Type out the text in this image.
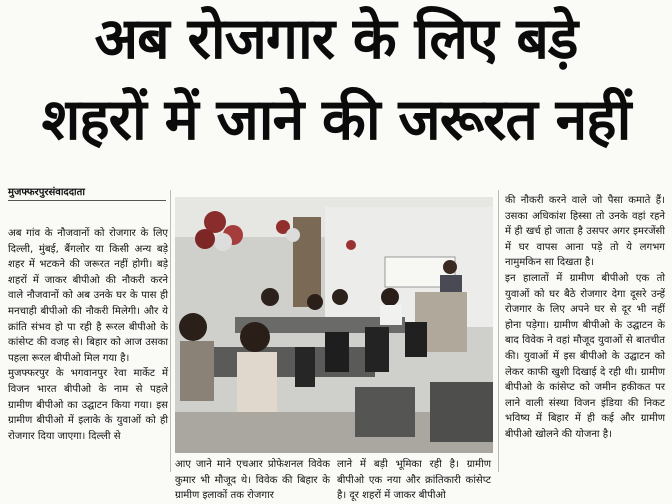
अब रोजगार के लिए बड़े
शहरों में जाने की जरूरत नहीं
मुजफ्फरपुरसंवाददाता

अब गांव के नौजवानों को रोजगार के लिए दिल्ली, मुंबई, बैंगलोर या किसी अन्य बड़े शहर में भटकने की जरूरत नहीं होगी। बड़े शहरों में जाकर बीपीओ की नौकरी करने वाले नौजवानों को अब उनके घर के पास ही मनचाही बीपीओ की नौकरी मिलेगी। और ये क्रांति संभव हो पा रही है रूरल बीपीओ के कांसेप्ट की वजह से। बिहार को आज उसका पहला रूरल बीपीओ मिल गया है।

मुजफ्फरपुर के भगवानपुर रेवा मार्केट में विजन भारत बीपीओ के नाम से पहले ग्रामीण बीपीओ का उद्घाटन किया गया। इस ग्रामीण बीपीओ में इलाके के युवाओं को ही रोजगार दिया जाएगा। दिल्ली से

आए जाने माने एचआर प्रोफेशनल विवेक कुमार भी मौजूद थे। विवेक की बिहार के ग्रामीण इलाकों तक रोजगार

लाने में बड़ी भूमिका रही है। ग्रामीण बीपीओ एक नया और क्रांतिकारी कांसेप्ट है। दूर शहरों में जाकर बीपीओ

की नौकरी करने वाले जो पैसा कमाते हैं। उसका अधिकांश हिस्सा तो उनके वहां रहने में ही खर्च हो जाता है उसपर अगर इमरजेंसी में घर वापस आना पड़े तो ये लगभग नामुमकिन सा दिखता है।

इन हालातों में ग्रामीण बीपीओ एक तो युवाओं को घर बैठे रोजगार देगा दूसरे उन्हें रोजगार के लिए अपने घर से दूर भी नहीं होना पड़ेगा। ग्रामीण बीपीओ के उद्घाटन के बाद विवेक ने वहां मौजूद युवाओं से बातचीत की। युवाओं में इस बीपीओ के उद्घाटन को लेकर काफी खुशी दिखाई दे रही थी। ग्रामीण बीपीओ के कांसेप्ट को जमीन हकीकत पर लाने वाली संस्था विजन इंडिया की निकट भविष्य में बिहार में ही कई और ग्रामीण बीपीओ खोलने की योजना है।
